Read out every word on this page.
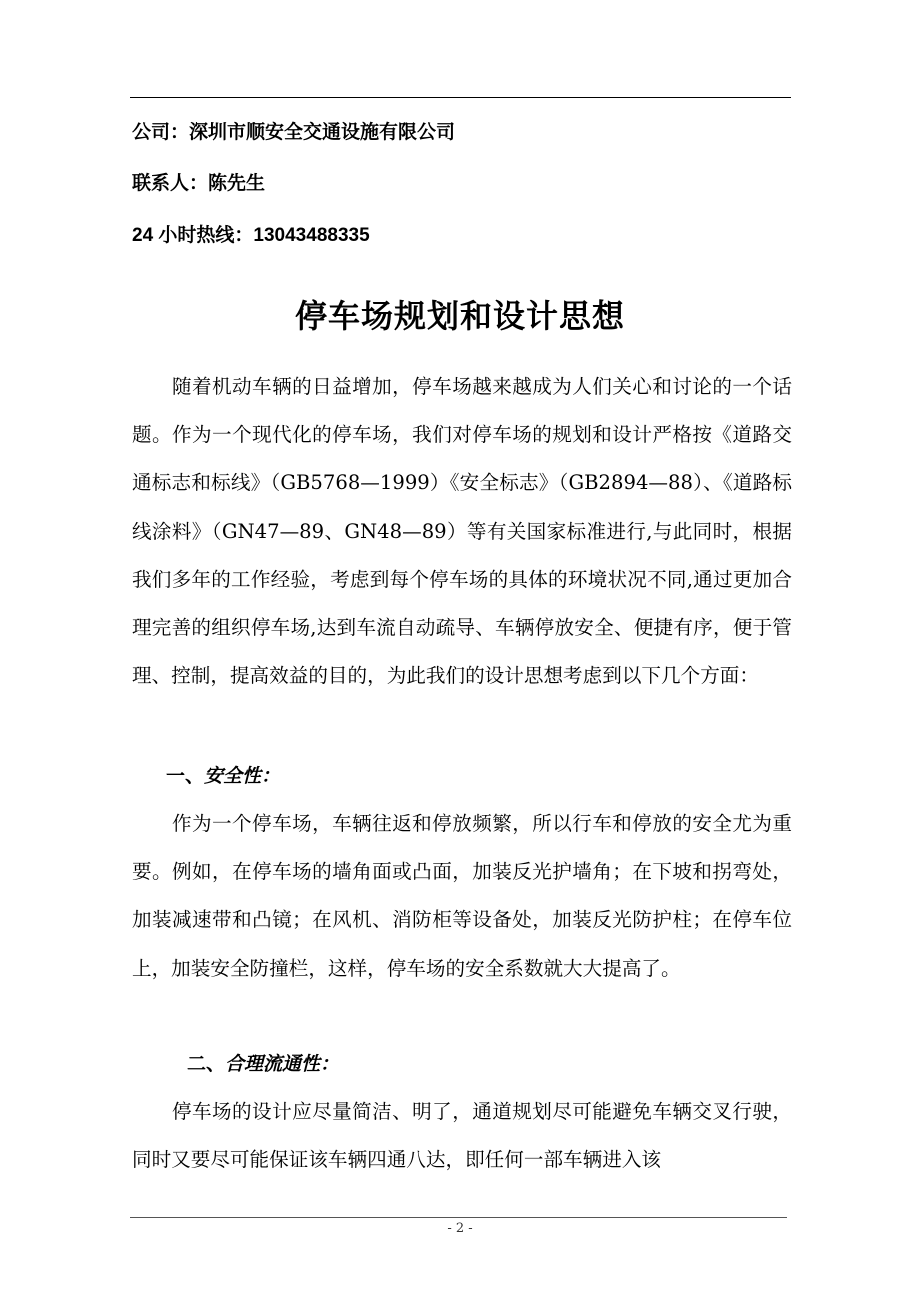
公司：深圳市顺安全交通设施有限公司
联系人：陈先生
24 小时热线：13043488335
停车场规划和设计思想
随着机动车辆的日益增加，停车场越来越成为人们关心和讨论的一个话题。作为一个现代化的停车场，我们对停车场的规划和设计严格按《道路交通标志和标线》（GB5768—1999）《安全标志》（GB2894—88）、《道路标线涂料》（GN47—89、GN48—89）等有关国家标准进行,与此同时，根据我们多年的工作经验，考虑到每个停车场的具体的环境状况不同,通过更加合理完善的组织停车场,达到车流自动疏导、车辆停放安全、便捷有序，便于管理、控制，提高效益的目的，为此我们的设计思想考虑到以下几个方面：
一、安全性：
作为一个停车场，车辆往返和停放频繁，所以行车和停放的安全尤为重要。例如，在停车场的墙角面或凸面，加装反光护墙角；在下坡和拐弯处，加装减速带和凸镜；在风机、消防柜等设备处，加装反光防护柱；在停车位上，加装安全防撞栏，这样，停车场的安全系数就大大提高了。
二、合理流通性：
停车场的设计应尽量简洁、明了，通道规划尽可能避免车辆交叉行驶，同时又要尽可能保证该车辆四通八达，即任何一部车辆进入该
- 2 -
